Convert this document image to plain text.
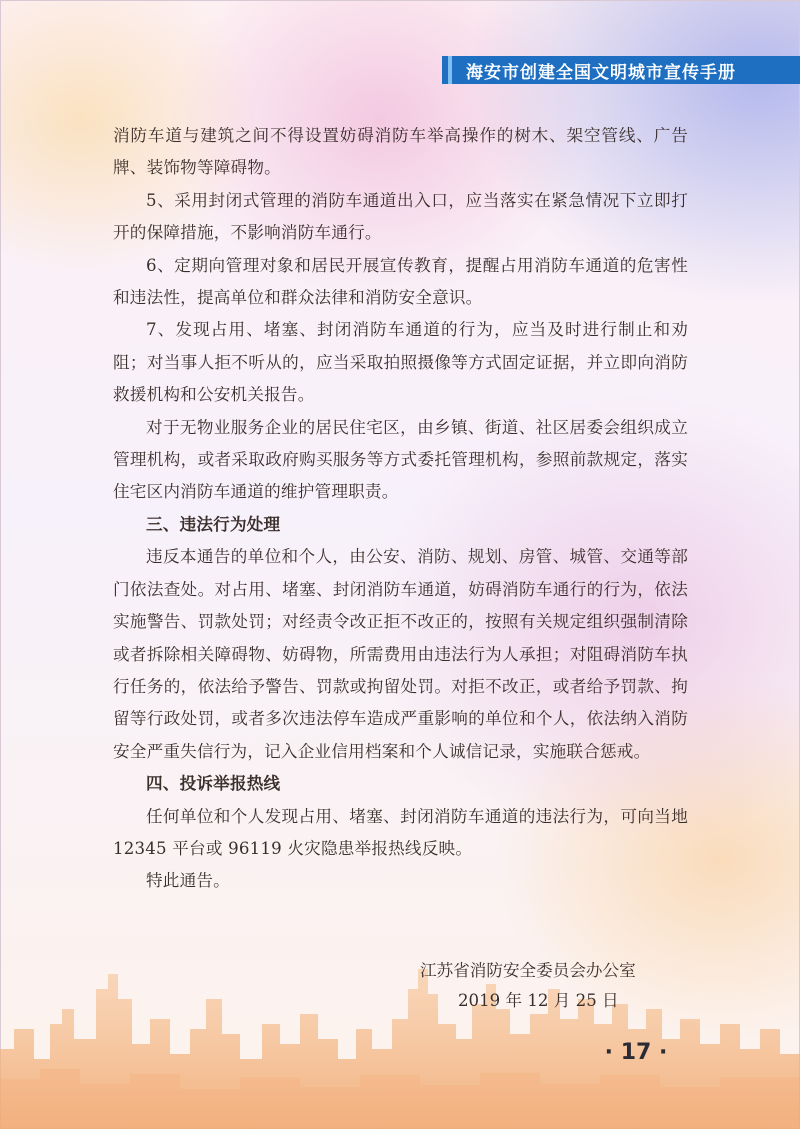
海安市创建全国文明城市宣传手册

消防车道与建筑之间不得设置妨碍消防车举高操作的树木、架空管线、广告牌、装饰物等障碍物。

5、采用封闭式管理的消防车通道出入口，应当落实在紧急情况下立即打开的保障措施，不影响消防车通行。

6、定期向管理对象和居民开展宣传教育，提醒占用消防车通道的危害性和违法性，提高单位和群众法律和消防安全意识。

7、发现占用、堵塞、封闭消防车通道的行为，应当及时进行制止和劝阻；对当事人拒不听从的，应当采取拍照摄像等方式固定证据，并立即向消防救援机构和公安机关报告。

对于无物业服务企业的居民住宅区，由乡镇、街道、社区居委会组织成立管理机构，或者采取政府购买服务等方式委托管理机构，参照前款规定，落实住宅区内消防车通道的维护管理职责。

三、违法行为处理

违反本通告的单位和个人，由公安、消防、规划、房管、城管、交通等部门依法查处。对占用、堵塞、封闭消防车通道，妨碍消防车通行的行为，依法实施警告、罚款处罚；对经责令改正拒不改正的，按照有关规定组织强制清除或者拆除相关障碍物、妨碍物，所需费用由违法行为人承担；对阻碍消防车执行任务的，依法给予警告、罚款或拘留处罚。对拒不改正，或者给予罚款、拘留等行政处罚，或者多次违法停车造成严重影响的单位和个人，依法纳入消防安全严重失信行为，记入企业信用档案和个人诚信记录，实施联合惩戒。

四、投诉举报热线

任何单位和个人发现占用、堵塞、封闭消防车通道的违法行为，可向当地 12345 平台或 96119 火灾隐患举报热线反映。

特此通告。

江苏省消防安全委员会办公室
2019 年 12 月 25 日
· 17 ·
